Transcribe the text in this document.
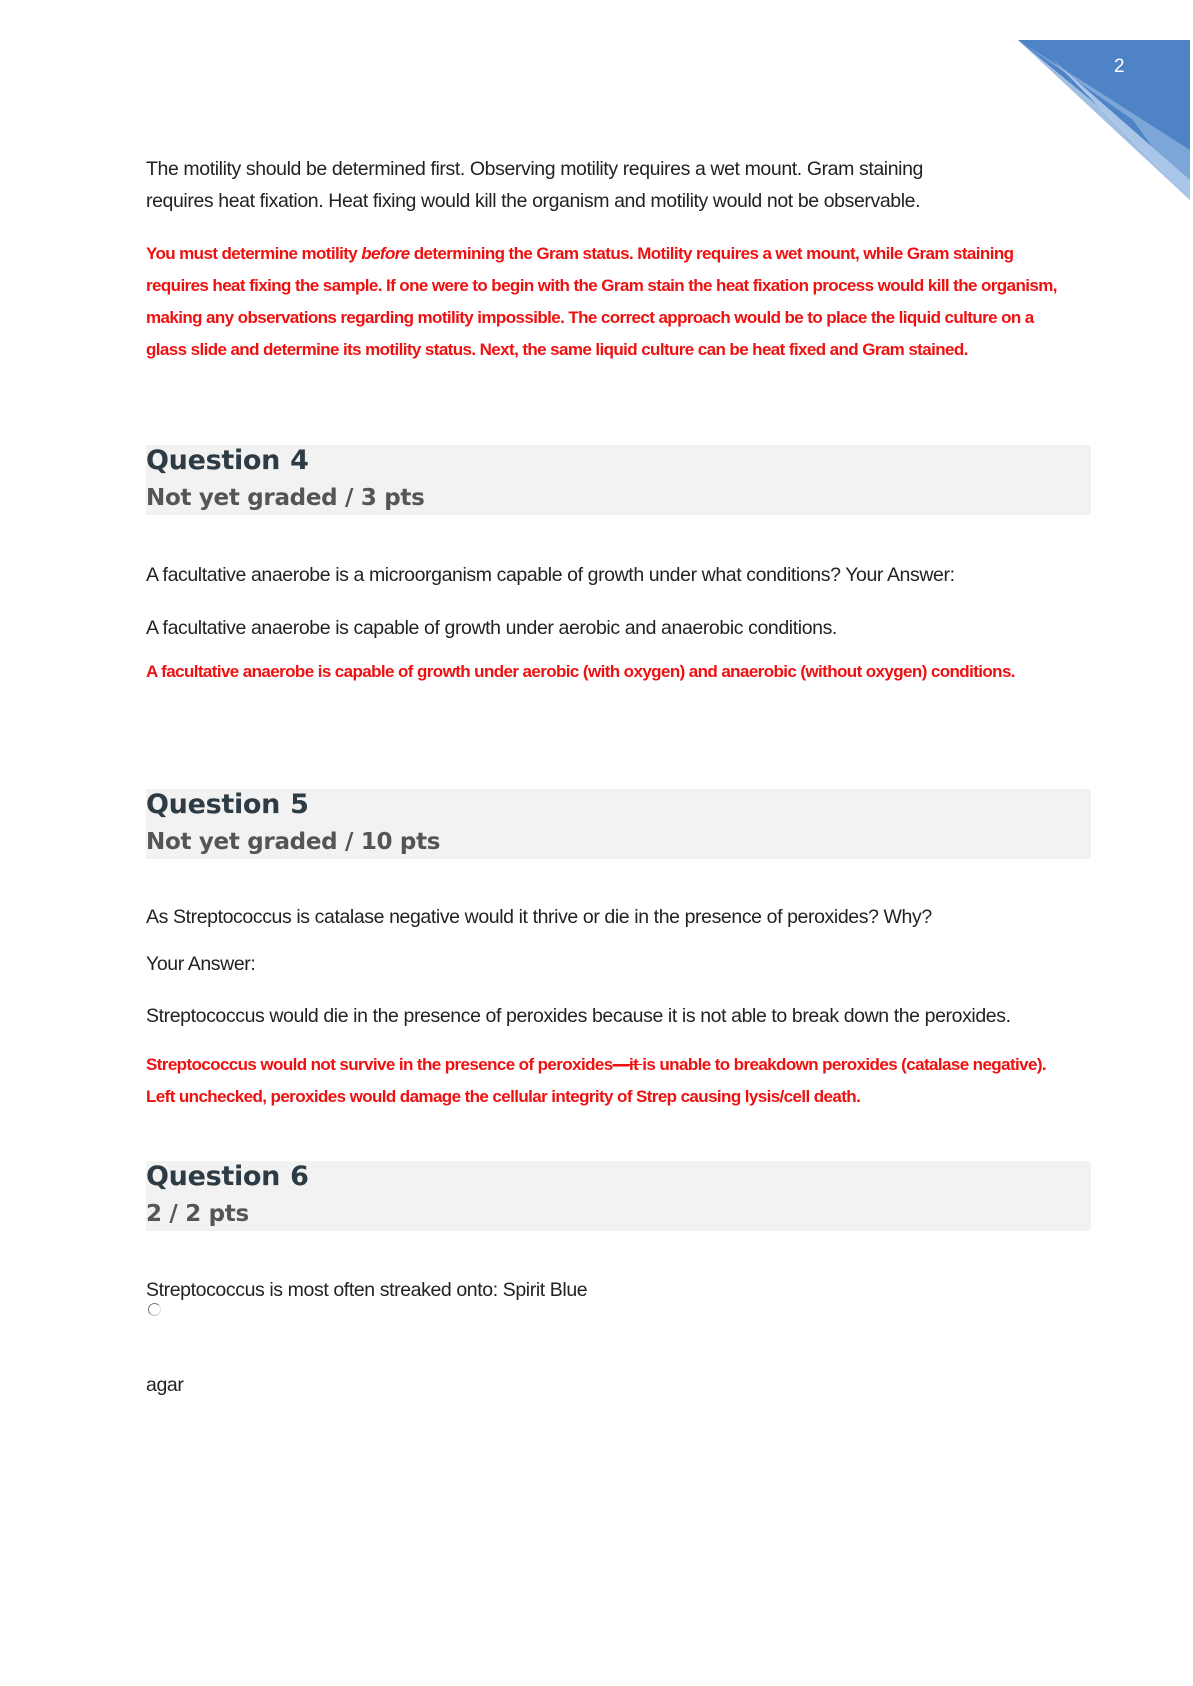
2
The motility should be determined first. Observing motility requires a wet mount. Gram staining
requires heat fixation. Heat fixing would kill the organism and motility would not be observable.
You must determine motility before determining the Gram status. Motility requires a wet mount, while Gram staining requires heat fixing the sample. If one were to begin with the Gram stain the heat fixation process would kill the organism, making any observations regarding motility impossible. The correct approach would be to place the liquid culture on a glass slide and determine its motility status. Next, the same liquid culture can be heat fixed and Gram stained.
Question 4
Not yet graded / 3 pts
A facultative anaerobe is a microorganism capable of growth under what conditions? Your Answer:
A facultative anaerobe is capable of growth under aerobic and anaerobic conditions.
A facultative anaerobe is capable of growth under aerobic (with oxygen) and anaerobic (without oxygen) conditions.
Question 5
Not yet graded / 10 pts
As Streptococcus is catalase negative would it thrive or die in the presence of peroxides? Why?
Your Answer:
Streptococcus would die in the presence of peroxides because it is not able to break down the peroxides.
Streptococcus would not survive in the presence of peroxides—it is unable to breakdown peroxides (catalase negative). Left unchecked, peroxides would damage the cellular integrity of Strep causing lysis/cell death.
Question 6
2 / 2 pts
Streptococcus is most often streaked onto: Spirit Blue
agar
